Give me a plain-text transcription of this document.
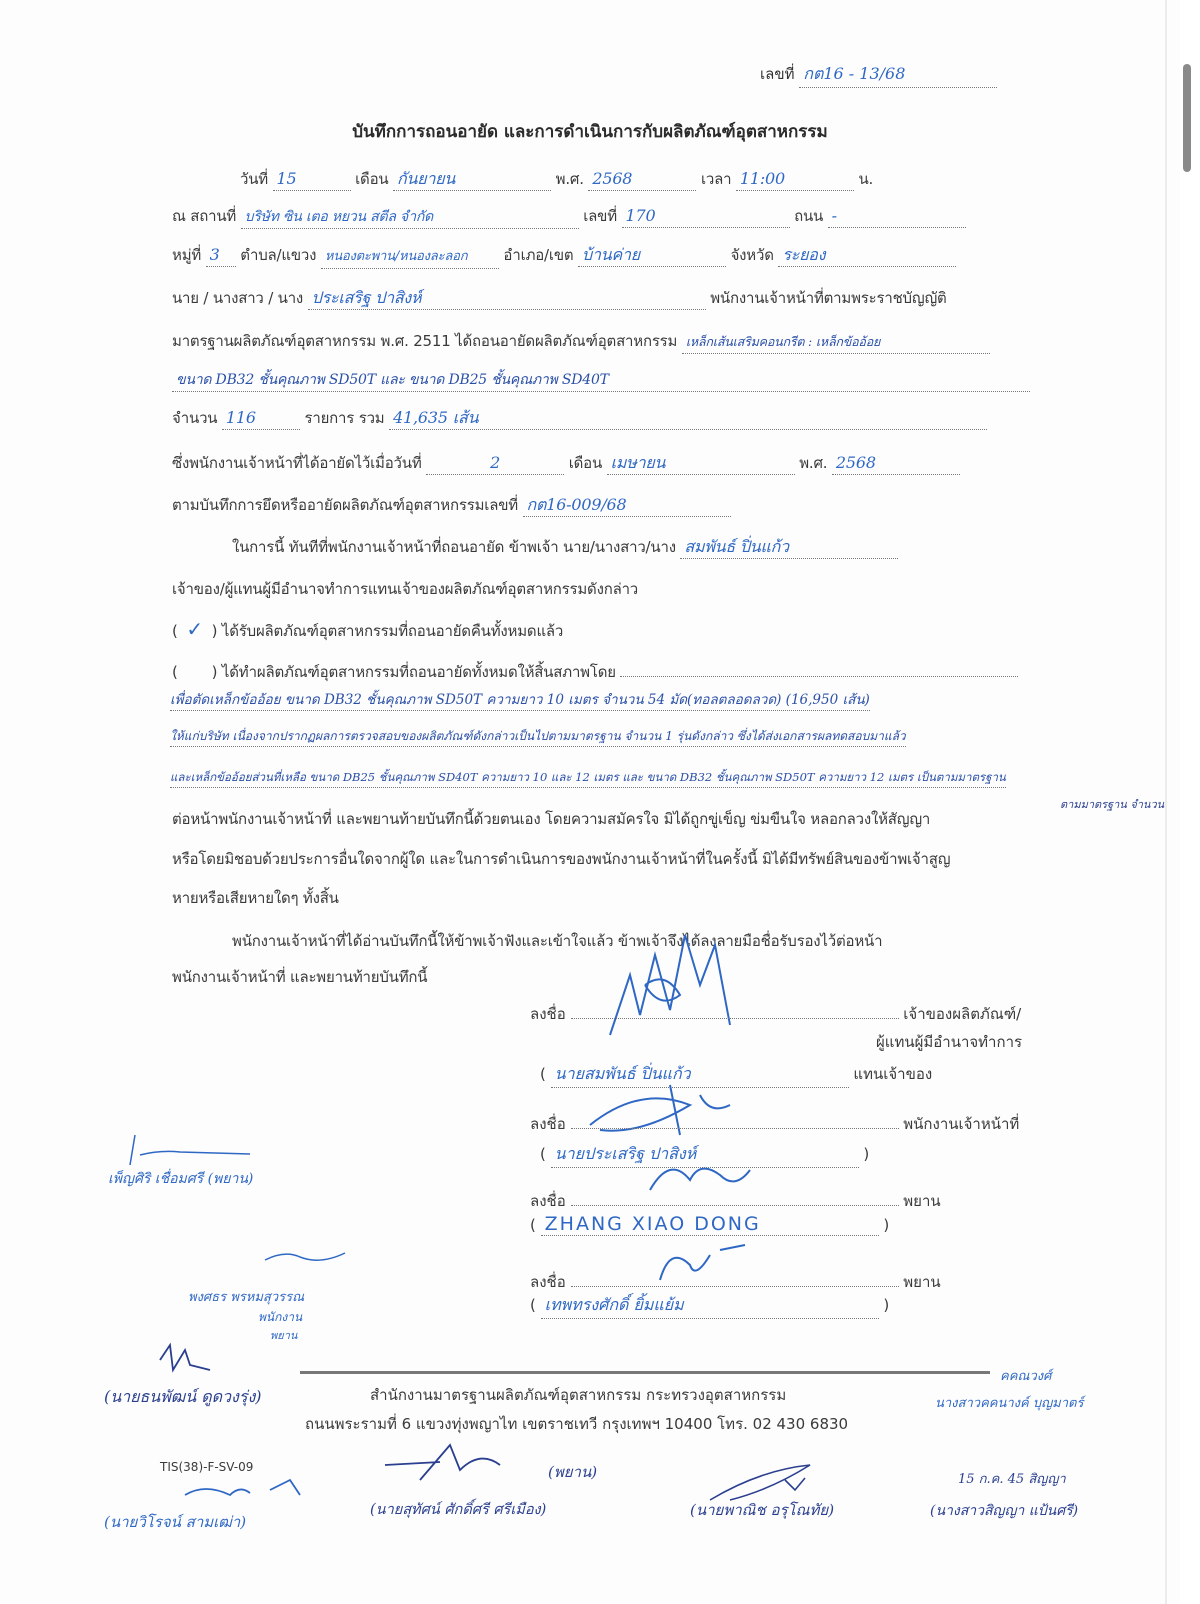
เลขที่ กต16 - 13/68
บันทึกการถอนอายัด และการดำเนินการกับผลิตภัณฑ์อุตสาหกรรม
วันที่ 15	เดือน กันยายน	พ.ศ. 2568	เวลา 11:00	น.
ณ สถานที่ บริษัท ซิน เตอ หยวน สตีล จำกัด	เลขที่ 170	ถนน -
หมู่ที่ 3 ตำบล/แขวง หนองตะพาน/หนองละลอก อำเภอ/เขต บ้านค่าย	จังหวัด ระยอง
นาย / นางสาว / นาง ประเสริฐ ปาสิงห์	พนักงานเจ้าหน้าที่ตามพระราชบัญญัติ
มาตรฐานผลิตภัณฑ์อุตสาหกรรม พ.ศ. 2511 ได้ถอนอายัดผลิตภัณฑ์อุตสาหกรรม เหล็กเส้นเสริมคอนกรีต : เหล็กข้ออ้อย
ขนาด DB32 ชั้นคุณภาพ SD50T และ ขนาด DB25 ชั้นคุณภาพ SD40T
จำนวน 116	รายการ รวม 41,635 เส้น
ซึ่งพนักงานเจ้าหน้าที่ได้อายัดไว้เมื่อวันที่	2	เดือน เมษายน	พ.ศ. 2568
ตามบันทึกการยึดหรืออายัดผลิตภัณฑ์อุตสาหกรรมเลขที่ กต16-009/68
ในการนี้ ทันทีที่พนักงานเจ้าหน้าที่ถอนอายัด ข้าพเจ้า นาย/นางสาว/นาง สมพันธ์ ปิ่นแก้ว
เจ้าของ/ผู้แทนผู้มีอำนาจทำการแทนเจ้าของผลิตภัณฑ์อุตสาหกรรมดังกล่าว
( ✓ ) ได้รับผลิตภัณฑ์อุตสาหกรรมที่ถอนอายัดคืนทั้งหมดแล้ว
( ) ได้ทำผลิตภัณฑ์อุตสาหกรรมที่ถอนอายัดทั้งหมดให้สิ้นสภาพโดย
เพื่อตัดเหล็กข้ออ้อย ขนาด DB32 ชั้นคุณภาพ SD50T ความยาว 10 เมตร จำนวน 54 มัด(ทอลตลอดลวด) (16,950 เส้น)
ให้แก่บริษัท เนื่องจากปรากฏผลการตรวจสอบของผลิตภัณฑ์ดังกล่าวเป็นไปตามมาตรฐาน จำนวน 1 รุ่นดังกล่าว ซึ่งได้ส่งเอกสารผลทดสอบมาแล้ว
และเหล็กข้ออ้อยส่วนที่เหลือ ขนาด DB25 ชั้นคุณภาพ SD40T ความยาว 10 และ 12 เมตร และ ขนาด DB32 ชั้นคุณภาพ SD50T ความยาว 12 เมตร เป็นตามมาตรฐาน
ตามมาตรฐาน จำนวน
ต่อหน้าพนักงานเจ้าหน้าที่ และพยานท้ายบันทึกนี้ด้วยตนเอง โดยความสมัครใจ มิได้ถูกขู่เข็ญ ข่มขืนใจ หลอกลวงให้สัญญา
หรือโดยมิชอบด้วยประการอื่นใดจากผู้ใด และในการดำเนินการของพนักงานเจ้าหน้าที่ในครั้งนี้ มิได้มีทรัพย์สินของข้าพเจ้าสูญ
หายหรือเสียหายใดๆ ทั้งสิ้น
พนักงานเจ้าหน้าที่ได้อ่านบันทึกนี้ให้ข้าพเจ้าฟังและเข้าใจแล้ว ข้าพเจ้าจึงได้ลงลายมือชื่อรับรองไว้ต่อหน้า
พนักงานเจ้าหน้าที่ และพยานท้ายบันทึกนี้
ลงชื่อ	เจ้าของผลิตภัณฑ์/
ผู้แทนผู้มีอำนาจทำการ
( นายสมพันธ์ ปิ่นแก้ว	แทนเจ้าของ
ลงชื่อ	พนักงานเจ้าหน้าที่
( นายประเสริฐ ปาสิงห์	)
ลงชื่อ	พยาน
( ZHANG XIAO DONG	)
ลงชื่อ	พยาน
( เทพทรงศักดิ์ ยิ้มแย้ม	)
เพ็ญศิริ เชื่อมศรี (พยาน)
พงศธร พรหมสุวรรณ
พนักงาน
พยาน
(นายธนพัฒน์ ดูดวงรุ่ง)	สำนักงานมาตรฐานผลิตภัณฑ์อุตสาหกรรม กระทรวงอุตสาหกรรม
ถนนพระรามที่ 6 แขวงทุ่งพญาไท เขตราชเทวี กรุงเทพฯ 10400 โทร. 02 430 6830
TIS(38)-F-SV-09
คคณวงศ์
นางสาวคคนางค์ บุญมาตร์
(พยาน)
(นายสุทัศน์ ศักดิ์ศรี ศรีเมือง)
(นายวิโรจน์ สามเฒ่า)
(นายพาณิช อรุโณทัย)
15 ก.ค. 45 สิญญา
(นางสาวสิญญา แป้นศรี)
